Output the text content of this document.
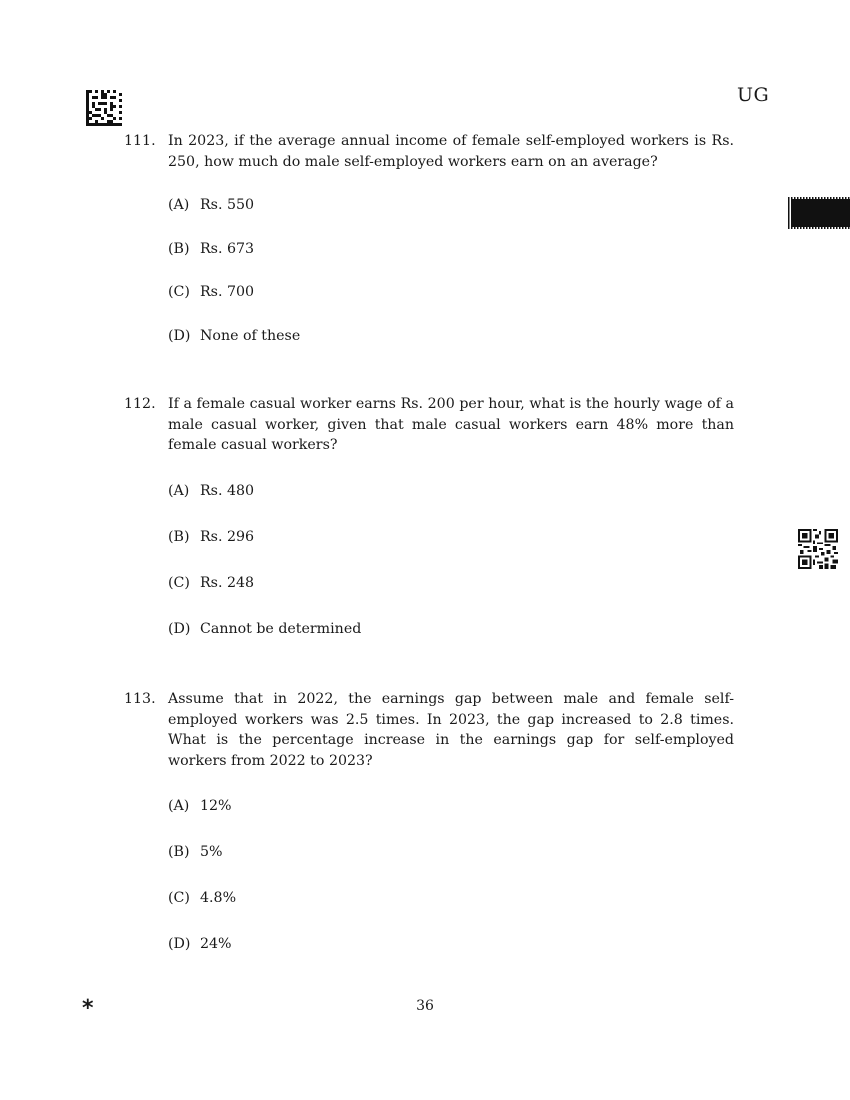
UG
111. In 2023, if the average annual income of female self-employed workers is Rs. 250, how much do male self-employed workers earn on an average?
(A) Rs. 550
(B) Rs. 673
(C) Rs. 700
(D) None of these
112. If a female casual worker earns Rs. 200 per hour, what is the hourly wage of a male casual worker, given that male casual workers earn 48% more than female casual workers?
(A) Rs. 480
(B) Rs. 296
(C) Rs. 248
(D) Cannot be determined
113. Assume that in 2022, the earnings gap between male and female self-employed workers was 2.5 times. In 2023, the gap increased to 2.8 times. What is the percentage increase in the earnings gap for self-employed workers from 2022 to 2023?
(A) 12%
(B) 5%
(C) 4.8%
(D) 24%
*	36
